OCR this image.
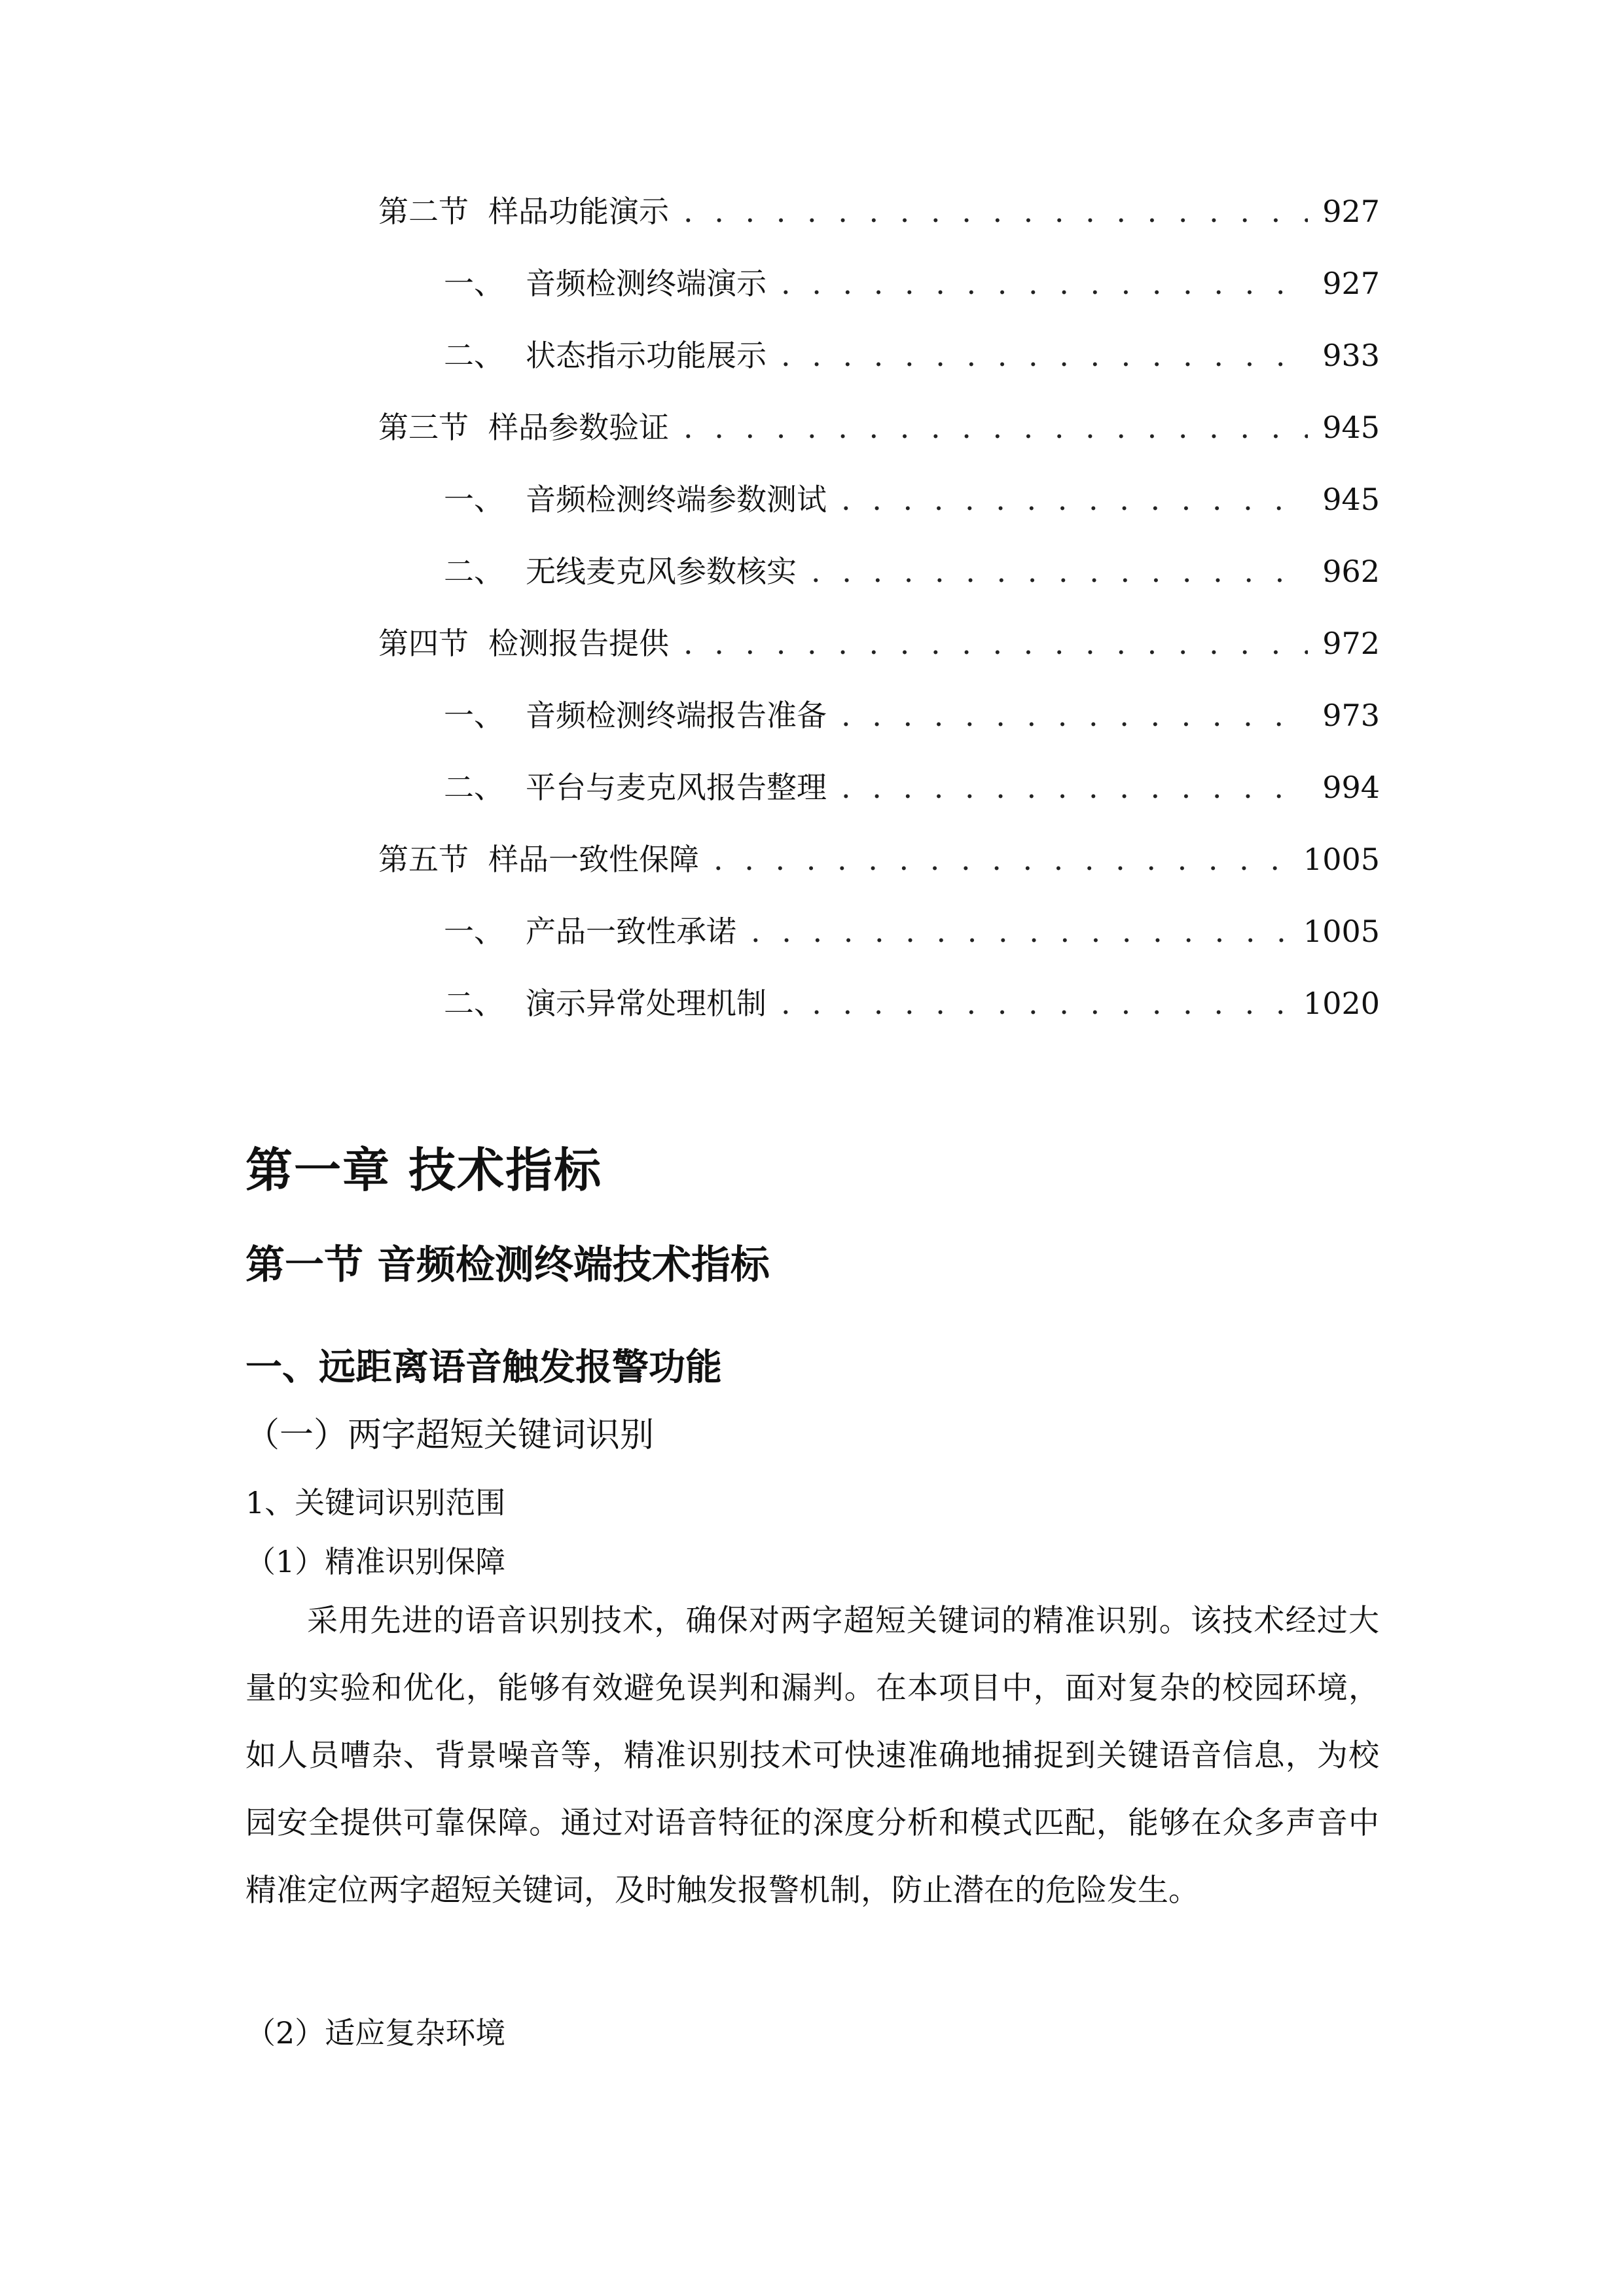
第二节 样品功能演示 . . .	927
一、 音频检测终端演示 . . .	927
二、 状态指示功能展示 . . .	933
第三节 样品参数验证 . . .	945
一、 音频检测终端参数测试 . . .	945
二、 无线麦克风参数核实 . . .	962
第四节 检测报告提供 . . .	972
一、 音频检测终端报告准备 . . .	973
二、 平台与麦克风报告整理 . . .	994
第五节 样品一致性保障 . . .	1005
一、 产品一致性承诺 . . .	1005
二、 演示异常处理机制 . . .	1020
第一章 技术指标
第一节 音频检测终端技术指标
一、远距离语音触发报警功能
（一）两字超短关键词识别
1、关键词识别范围
（1）精准识别保障

采用先进的语音识别技术，确保对两字超短关键词的精准识别。该技术经过大量的实验和优化，能够有效避免误判和漏判。在本项目中，面对复杂的校园环境，如人员嘈杂、背景噪音等，精准识别技术可快速准确地捕捉到关键语音信息，为校园安全提供可靠保障。通过对语音特征的深度分析和模式匹配，能够在众多声音中精准定位两字超短关键词，及时触发报警机制，防止潜在的危险发生。

（2）适应复杂环境
